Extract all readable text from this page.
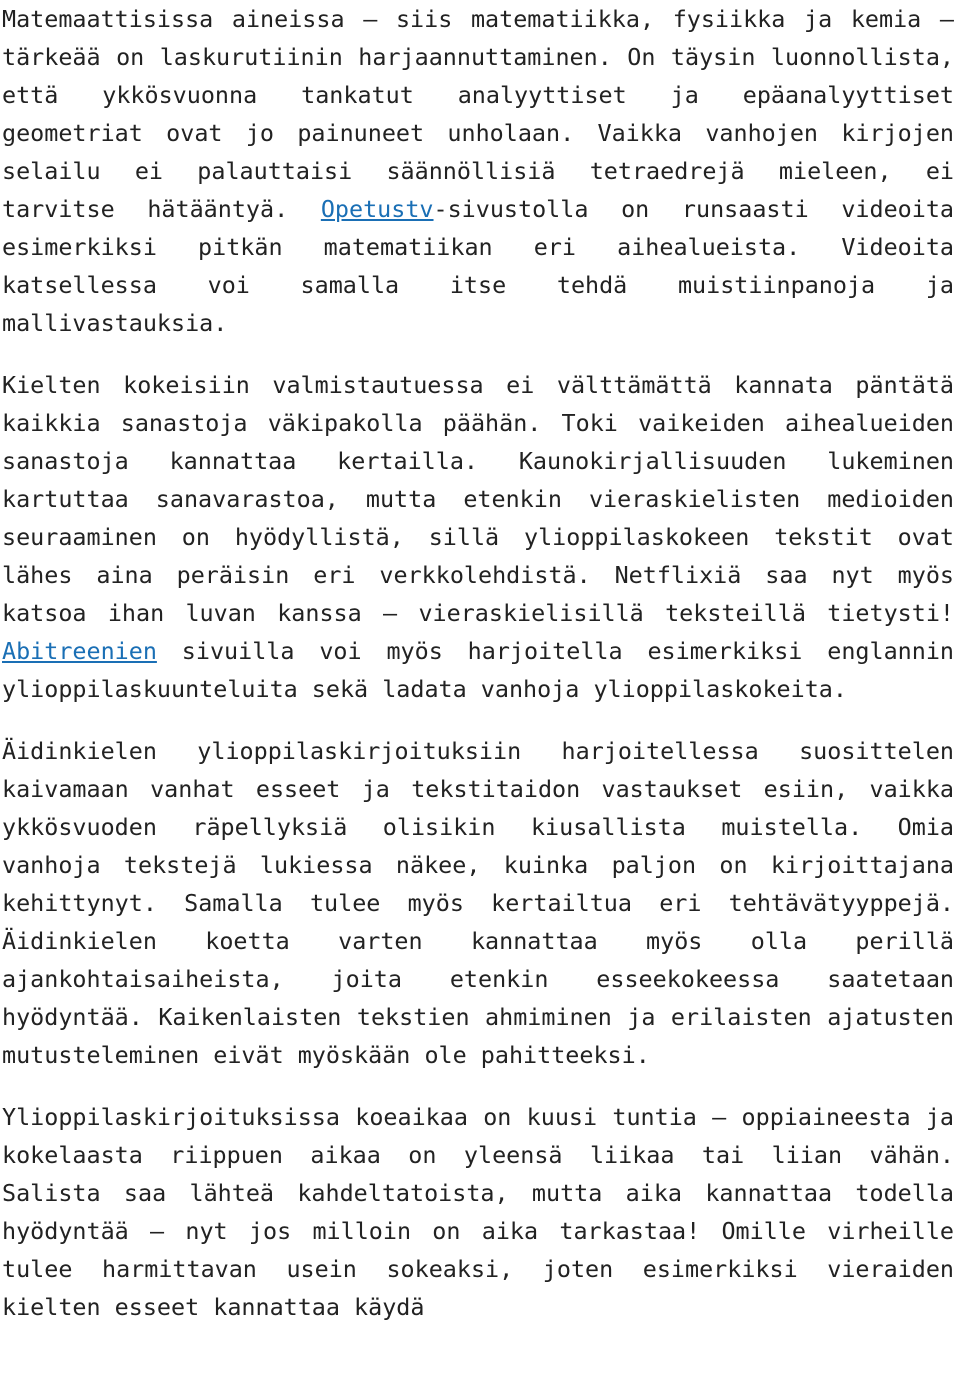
Matemaattisissa aineissa – siis matematiikka, fysiikka ja kemia – tärkeää on laskurutiinin harjaannuttaminen. On täysin luonnollista, että ykkösvuonna tankatut analyyttiset ja epäanalyyttiset geometriat ovat jo painuneet unholaan. Vaikka vanhojen kirjojen selailu ei palauttaisi säännöllisiä tetraedrejä mieleen, ei tarvitse hätääntyä. Opetustv-sivustolla on runsaasti videoita esimerkiksi pitkän matematiikan eri aihealueista. Videoita katsellessa voi samalla itse tehdä muistiinpanoja ja mallivastauksia.

Kielten kokeisiin valmistautuessa ei välttämättä kannata päntätä kaikkia sanastoja väkipakolla päähän. Toki vaikeiden aihealueiden sanastoja kannattaa kertailla. Kaunokirjallisuuden lukeminen kartuttaa sanavarastoa, mutta etenkin vieraskielisten medioiden seuraaminen on hyödyllistä, sillä ylioppilaskokeen tekstit ovat lähes aina peräisin eri verkkolehdistä. Netflixiä saa nyt myös katsoa ihan luvan kanssa – vieraskielisillä teksteillä tietysti! Abitreenien sivuilla voi myös harjoitella esimerkiksi englannin ylioppilaskuunteluita sekä ladata vanhoja ylioppilaskokeita.

Äidinkielen ylioppilaskirjoituksiin harjoitellessa suosittelen kaivamaan vanhat esseet ja tekstitaidon vastaukset esiin, vaikka ykkösvuoden räpellyksiä olisikin kiusallista muistella. Omia vanhoja tekstejä lukiessa näkee, kuinka paljon on kirjoittajana kehittynyt. Samalla tulee myös kertailtua eri tehtävätyyppejä. Äidinkielen koetta varten kannattaa myös olla perillä ajankohtaisaiheista, joita etenkin esseekokeessa saatetaan hyödyntää. Kaikenlaisten tekstien ahmiminen ja erilaisten ajatusten mutusteleminen eivät myöskään ole pahitteeksi.

Ylioppilaskirjoituksissa koeaikaa on kuusi tuntia – oppiaineesta ja kokelaasta riippuen aikaa on yleensä liikaa tai liian vähän. Salista saa lähteä kahdeltatoista, mutta aika kannattaa todella hyödyntää – nyt jos milloin on aika tarkastaa! Omille virheille tulee harmittavan usein sokeaksi, joten esimerkiksi vieraiden kielten esseet kannattaa käydä
